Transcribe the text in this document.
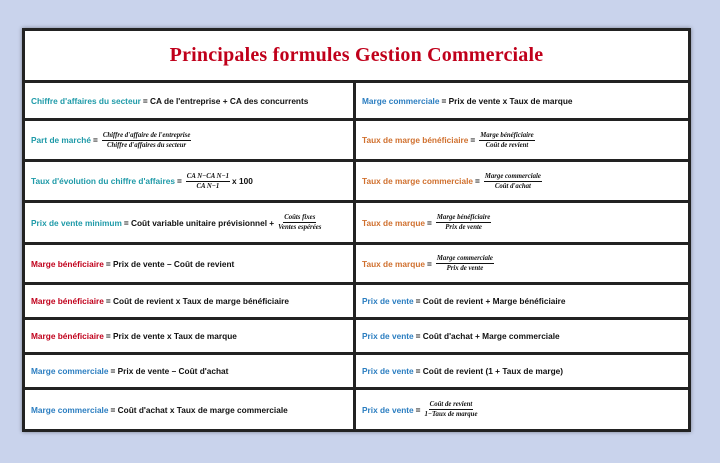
Principales formules Gestion Commerciale
Chiffre d'affaires du secteur = CA de l'entreprise + CA des concurrents	Marge commerciale = Prix de vente x Taux de marque
Part de marché = $\frac{\text{Chiffre d'affaire de l'entreprise}}{\text{Chiffre d'affaires du secteur}}$	Taux de marge bénéficiaire = $\frac{\text{Marge bénéficiaire}}{\text{Coût de revient}}$
Taux d'évolution du chiffre d'affaires = $\frac{\text{CA N−CA N−1}}{\text{CA N−1}}$ x 100	Taux de marge commerciale = $\frac{\text{Marge commerciale}}{\text{Coût d'achat}}$
Prix de vente minimum = Coût variable unitaire prévisionnel + $\frac{\text{Coûts fixes}}{\text{Ventes espérées}}$	Taux de marque = $\frac{\text{Marge bénéficiaire}}{\text{Prix de vente}}$
Marge bénéficiaire = Prix de vente – Coût de revient	Taux de marque = $\frac{\text{Marge commerciale}}{\text{Prix de vente}}$
Marge bénéficiaire = Coût de revient x Taux de marge bénéficiaire	Prix de vente = Coût de revient + Marge bénéficiaire
Marge bénéficiaire = Prix de vente x Taux de marque	Prix de vente = Coût d'achat + Marge commerciale
Marge commerciale = Prix de vente – Coût d'achat	Prix de vente = Coût de revient (1 + Taux de marge)
Marge commerciale = Coût d'achat x Taux de marge commerciale	Prix de vente = $\frac{\text{Coût de revient}}{\text{1−Taux de marque}}$
